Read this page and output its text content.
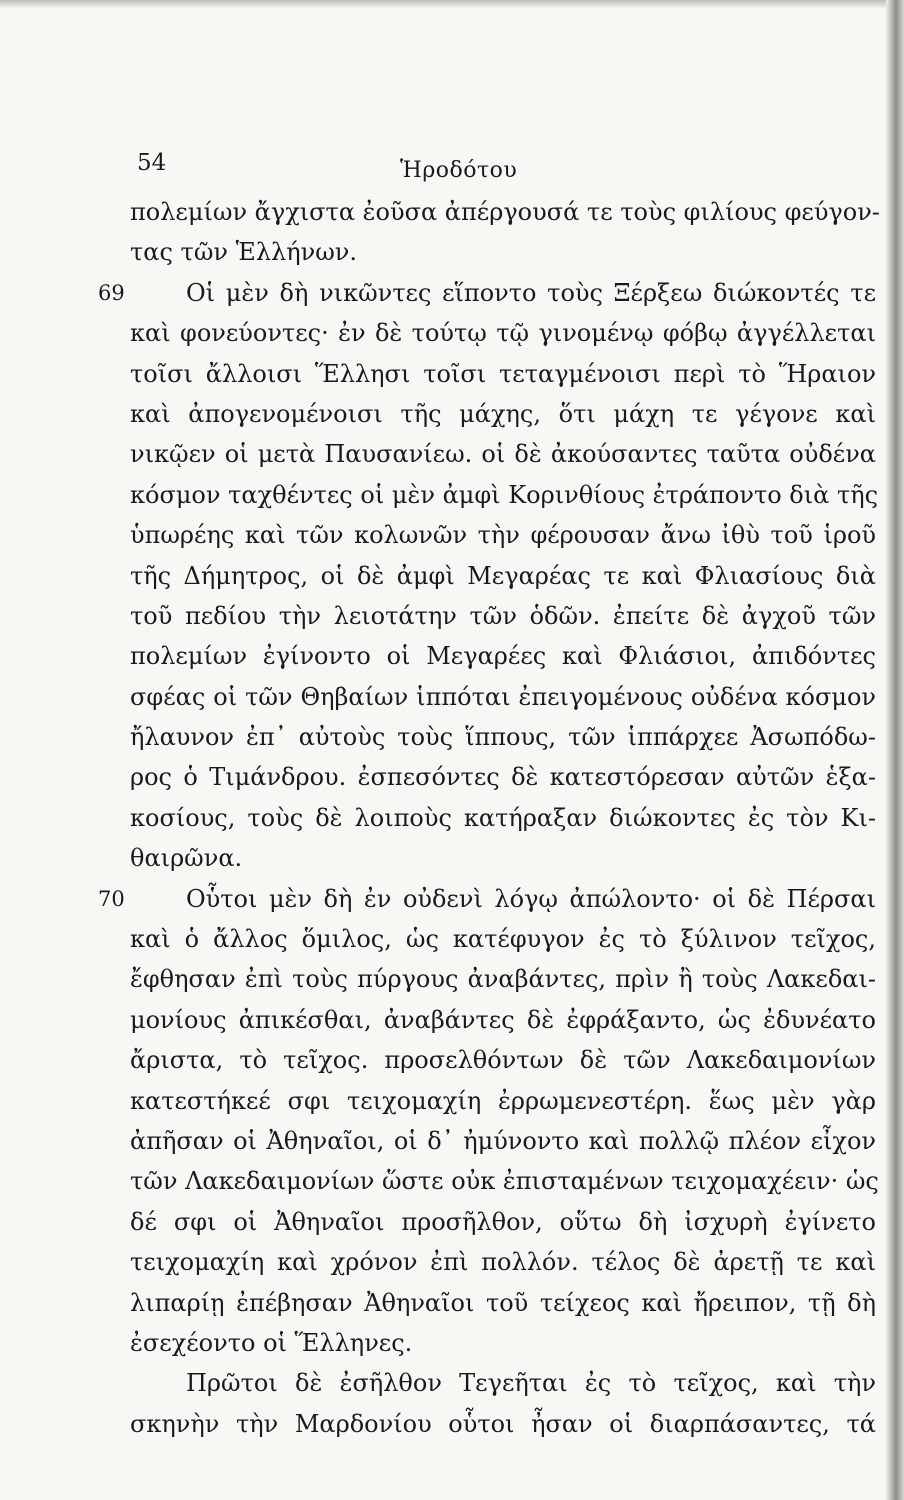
54	Ἡροδότου
πολεμίων ἄγχιστα ἐοῦσα ἀπέργουσά τε τοὺς φιλίους φεύγον-
τας τῶν Ἑλλήνων.
69	Οἱ μὲν δὴ νικῶντες εἵποντο τοὺς Ξέρξεω διώκοντές τε
καὶ φονεύοντες· ἐν δὲ τούτῳ τῷ γινομένῳ φόβῳ ἀγγέλλεται
τοῖσι ἄλλοισι Ἕλλησι τοῖσι τεταγμένοισι περὶ τὸ Ἥραιον
καὶ ἀπογενομένοισι τῆς μάχης, ὅτι μάχη τε γέγονε καὶ
νικῷεν οἱ μετὰ Παυσανίεω. οἱ δὲ ἀκούσαντες ταῦτα οὐδένα
κόσμον ταχθέντες οἱ μὲν ἀμφὶ Κορινθίους ἐτράποντο διὰ τῆς
ὑπωρέης καὶ τῶν κολωνῶν τὴν φέρουσαν ἄνω ἰθὺ τοῦ ἱροῦ
τῆς Δήμητρος, οἱ δὲ ἀμφὶ Μεγαρέας τε καὶ Φλιασίους διὰ
τοῦ πεδίου τὴν λειοτάτην τῶν ὁδῶν. ἐπείτε δὲ ἀγχοῦ τῶν
πολεμίων ἐγίνοντο οἱ Μεγαρέες καὶ Φλιάσιοι, ἀπιδόντες
σφέας οἱ τῶν Θηβαίων ἱππόται ἐπειγομένους οὐδένα κόσμον
ἤλαυνον ἐπ᾽ αὐτοὺς τοὺς ἵππους, τῶν ἱππάρχεε Ἀσωπόδω-
ρος ὁ Τιμάνδρου. ἐσπεσόντες δὲ κατεστόρεσαν αὐτῶν ἑξα-
κοσίους, τοὺς δὲ λοιποὺς κατήραξαν διώκοντες ἐς τὸν Κι-
θαιρῶνα.
70	Οὗτοι μὲν δὴ ἐν οὐδενὶ λόγῳ ἀπώλοντο· οἱ δὲ Πέρσαι
καὶ ὁ ἄλλος ὅμιλος, ὡς κατέφυγον ἐς τὸ ξύλινον τεῖχος,
ἔφθησαν ἐπὶ τοὺς πύργους ἀναβάντες, πρὶν ἢ τοὺς Λακεδαι-
μονίους ἀπικέσθαι, ἀναβάντες δὲ ἐφράξαντο, ὡς ἐδυνέατο
ἄριστα, τὸ τεῖχος. προσελθόντων δὲ τῶν Λακεδαιμονίων
κατεστήκεέ σφι τειχομαχίη ἐρρωμενεστέρη. ἕως μὲν γὰρ
ἀπῆσαν οἱ Ἀθηναῖοι, οἱ δ᾽ ἠμύνοντο καὶ πολλῷ πλέον εἶχον
τῶν Λακεδαιμονίων ὥστε οὐκ ἐπισταμένων τειχομαχέειν· ὡς
δέ σφι οἱ Ἀθηναῖοι προσῆλθον, οὕτω δὴ ἰσχυρὴ ἐγίνετο
τειχομαχίη καὶ χρόνον ἐπὶ πολλόν. τέλος δὲ ἀρετῇ τε καὶ
λιπαρίῃ ἐπέβησαν Ἀθηναῖοι τοῦ τείχεος καὶ ἤρειπον, τῇ δὴ
ἐσεχέοντο οἱ Ἕλληνες.
Πρῶτοι δὲ ἐσῆλθον Τεγεῆται ἐς τὸ τεῖχος, καὶ τὴν
σκηνὴν τὴν Μαρδονίου οὗτοι ἦσαν οἱ διαρπάσαντες, τά
